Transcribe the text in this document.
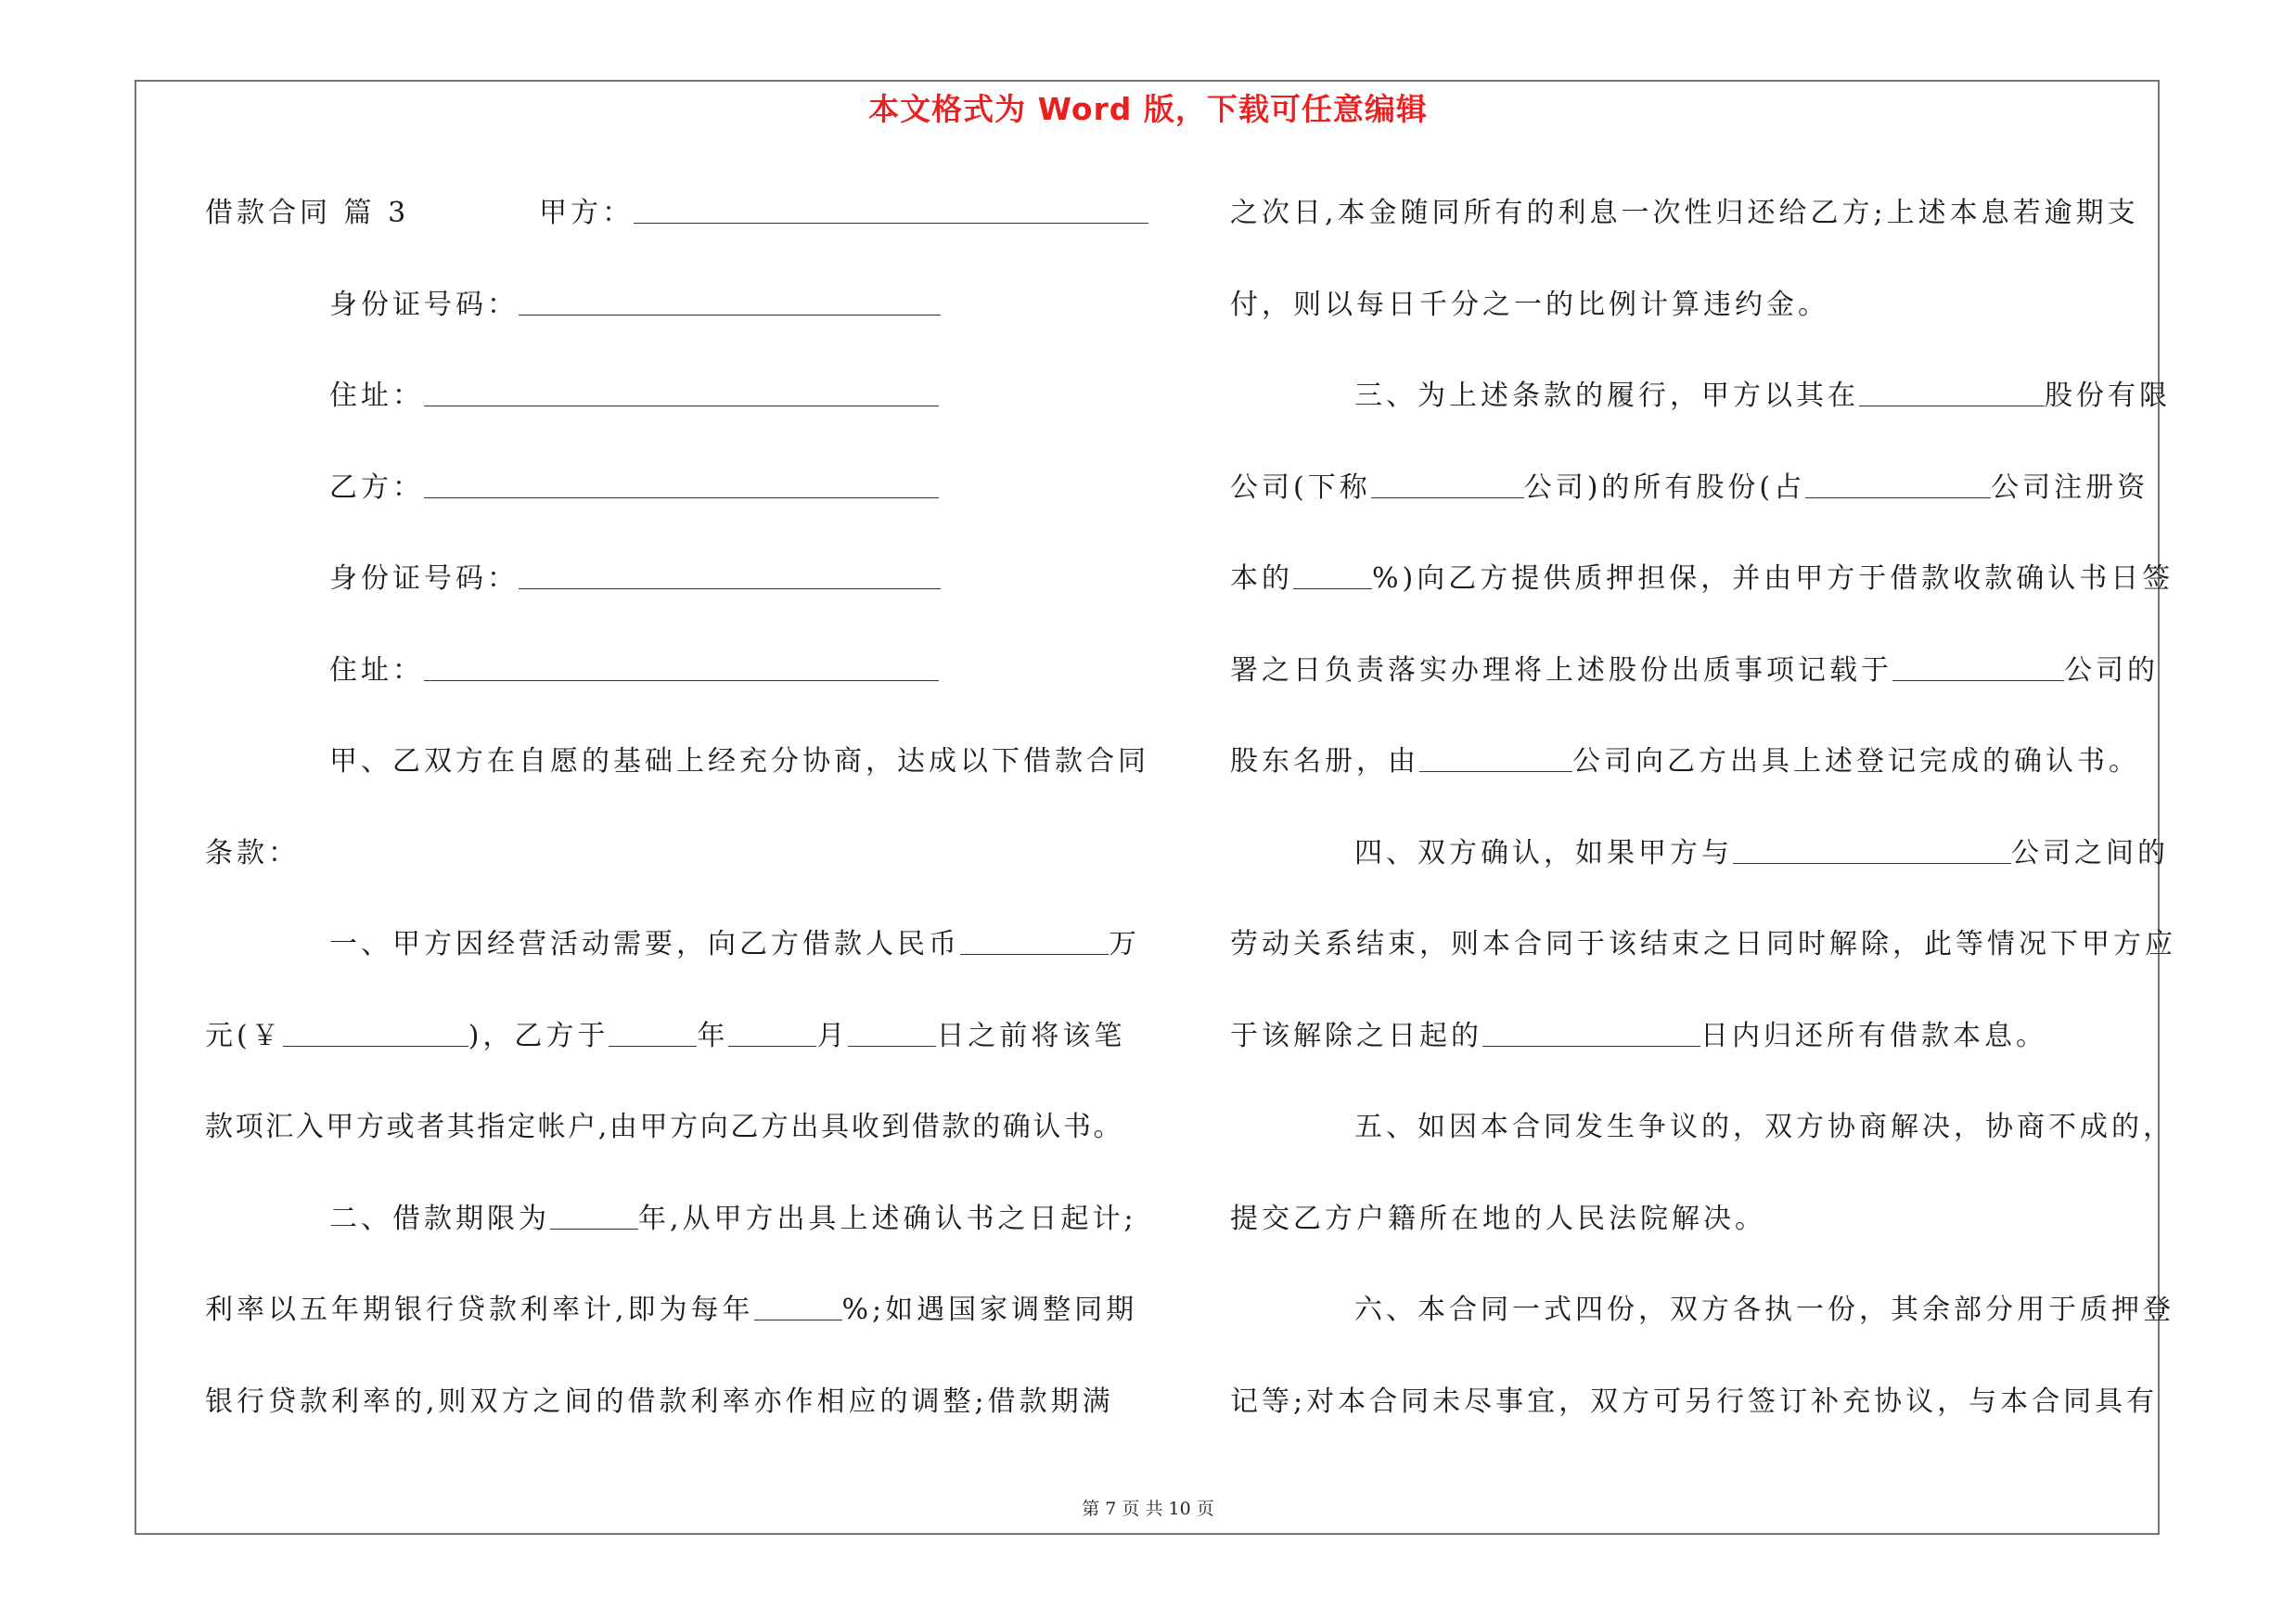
本文格式为 Word 版，下载可任意编辑
借款合同 篇 3	甲方：
身份证号码：
住址：
乙方：
身份证号码：
住址：
甲、乙双方在自愿的基础上经充分协商，达成以下借款合同
条款：
一、甲方因经营活动需要，向乙方借款人民币	万
元(￥	)，乙方于	年	月	日之前将该笔
款项汇入甲方或者其指定帐户,由甲方向乙方出具收到借款的确认书。
二、借款期限为	年,从甲方出具上述确认书之日起计;
利率以五年期银行贷款利率计,即为每年	%;如遇国家调整同期
银行贷款利率的,则双方之间的借款利率亦作相应的调整;借款期满
之次日,本金随同所有的利息一次性归还给乙方;上述本息若逾期支
付，则以每日千分之一的比例计算违约金。
三、为上述条款的履行，甲方以其在	股份有限
公司(下称	公司)的所有股份(占	公司注册资
本的	%)向乙方提供质押担保，并由甲方于借款收款确认书日签
署之日负责落实办理将上述股份出质事项记载于	公司的
股东名册，由	公司向乙方出具上述登记完成的确认书。
四、双方确认，如果甲方与	公司之间的
劳动关系结束，则本合同于该结束之日同时解除，此等情况下甲方应
于该解除之日起的	日内归还所有借款本息。
五、如因本合同发生争议的，双方协商解决，协商不成的，
提交乙方户籍所在地的人民法院解决。
六、本合同一式四份，双方各执一份，其余部分用于质押登
记等;对本合同未尽事宜，双方可另行签订补充协议，与本合同具有
第 7 页 共 10 页
